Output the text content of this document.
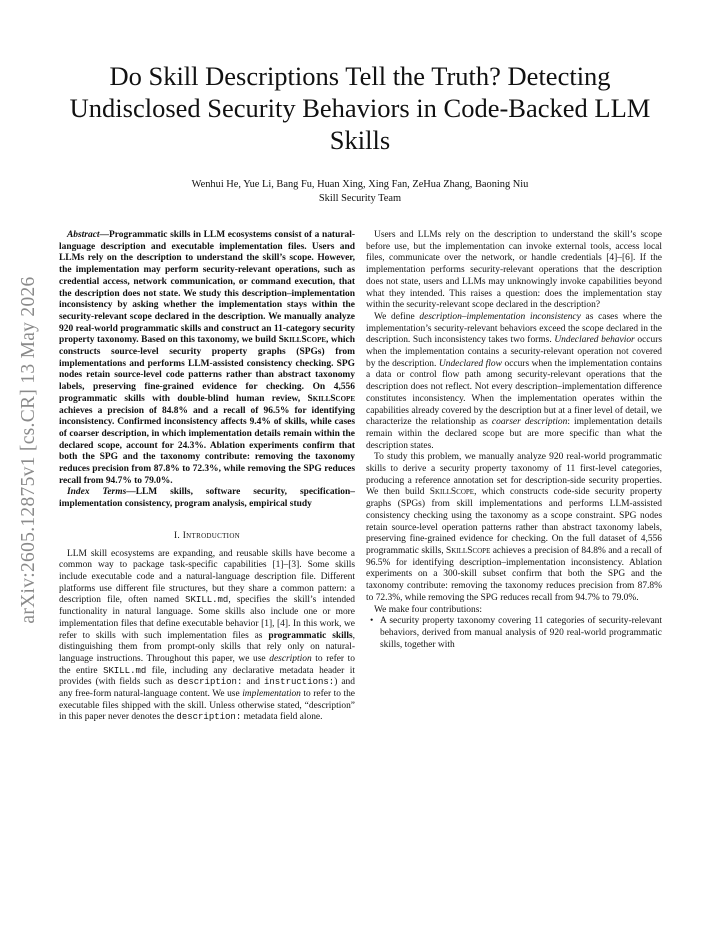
arXiv:2605.12875v1 [cs.CR] 13 May 2026
Do Skill Descriptions Tell the Truth? Detecting Undisclosed Security Behaviors in Code-Backed LLM Skills
Wenhui He, Yue Li, Bang Fu, Huan Xing, Xing Fan, ZeHua Zhang, Baoning Niu
Skill Security Team

Abstract—Programmatic skills in LLM ecosystems consist of a natural-language description and executable implementation files. Users and LLMs rely on the description to understand the skill’s scope. However, the implementation may perform security-relevant operations, such as credential access, network communication, or command execution, that the description does not state. We study this description–implementation inconsistency by asking whether the implementation stays within the security-relevant scope declared in the description. We manually analyze 920 real-world programmatic skills and construct an 11-category security property taxonomy. Based on this taxonomy, we build SkillScope, which constructs source-level security property graphs (SPGs) from implementations and performs LLM-assisted consistency checking. SPG nodes retain source-level code patterns rather than abstract taxonomy labels, preserving fine-grained evidence for checking. On 4,556 programmatic skills with double-blind human review, SkillScope achieves a precision of 84.8% and a recall of 96.5% for identifying inconsistency. Confirmed inconsistency affects 9.4% of skills, while cases of coarser description, in which implementation details remain within the declared scope, account for 24.3%. Ablation experiments confirm that both the SPG and the taxonomy contribute: removing the taxonomy reduces precision from 87.8% to 72.3%, while removing the SPG reduces recall from 94.7% to 79.0%.

Index Terms—LLM skills, software security, specification–implementation consistency, program analysis, empirical study

I. Introduction

LLM skill ecosystems are expanding, and reusable skills have become a common way to package task-specific capabilities [1]–[3]. Some skills include executable code and a natural-language description file. Different platforms use different file structures, but they share a common pattern: a description file, often named SKILL.md, specifies the skill’s intended functionality in natural language. Some skills also include one or more implementation files that define executable behavior [1], [4]. In this work, we refer to skills with such implementation files as programmatic skills, distinguishing them from prompt-only skills that rely only on natural-language instructions. Throughout this paper, we use description to refer to the entire SKILL.md file, including any declarative metadata header it provides (with fields such as description: and instructions:) and any free-form natural-language content. We use implementation to refer to the executable files shipped with the skill. Unless otherwise stated, “description” in this paper never denotes the description: metadata field alone.

Users and LLMs rely on the description to understand the skill’s scope before use, but the implementation can invoke external tools, access local files, communicate over the network, or handle credentials [4]–[6]. If the implementation performs security-relevant operations that the description does not state, users and LLMs may unknowingly invoke capabilities beyond what they intended. This raises a question: does the implementation stay within the security-relevant scope declared in the description?

We define description–implementation inconsistency as cases where the implementation’s security-relevant behaviors exceed the scope declared in the description. Such inconsistency takes two forms. Undeclared behavior occurs when the implementation contains a security-relevant operation not covered by the description. Undeclared flow occurs when the implementation contains a data or control flow path among security-relevant operations that the description does not reflect. Not every description–implementation difference constitutes inconsistency. When the implementation operates within the capabilities already covered by the description but at a finer level of detail, we characterize the relationship as coarser description: implementation details remain within the declared scope but are more specific than what the description states.

To study this problem, we manually analyze 920 real-world programmatic skills to derive a security property taxonomy of 11 first-level categories, producing a reference annotation set for description-side security properties. We then build SkillScope, which constructs code-side security property graphs (SPGs) from skill implementations and performs LLM-assisted consistency checking using the taxonomy as a scope constraint. SPG nodes retain source-level operation patterns rather than abstract taxonomy labels, preserving fine-grained evidence for checking. On the full dataset of 4,556 programmatic skills, SkillScope achieves a precision of 84.8% and a recall of 96.5% for identifying description–implementation inconsistency. Ablation experiments on a 300-skill subset confirm that both the SPG and the taxonomy contribute: removing the taxonomy reduces precision from 87.8% to 72.3%, while removing the SPG reduces recall from 94.7% to 79.0%.

We make four contributions:

• A security property taxonomy covering 11 categories of security-relevant behaviors, derived from manual analysis of 920 real-world programmatic skills, together with
